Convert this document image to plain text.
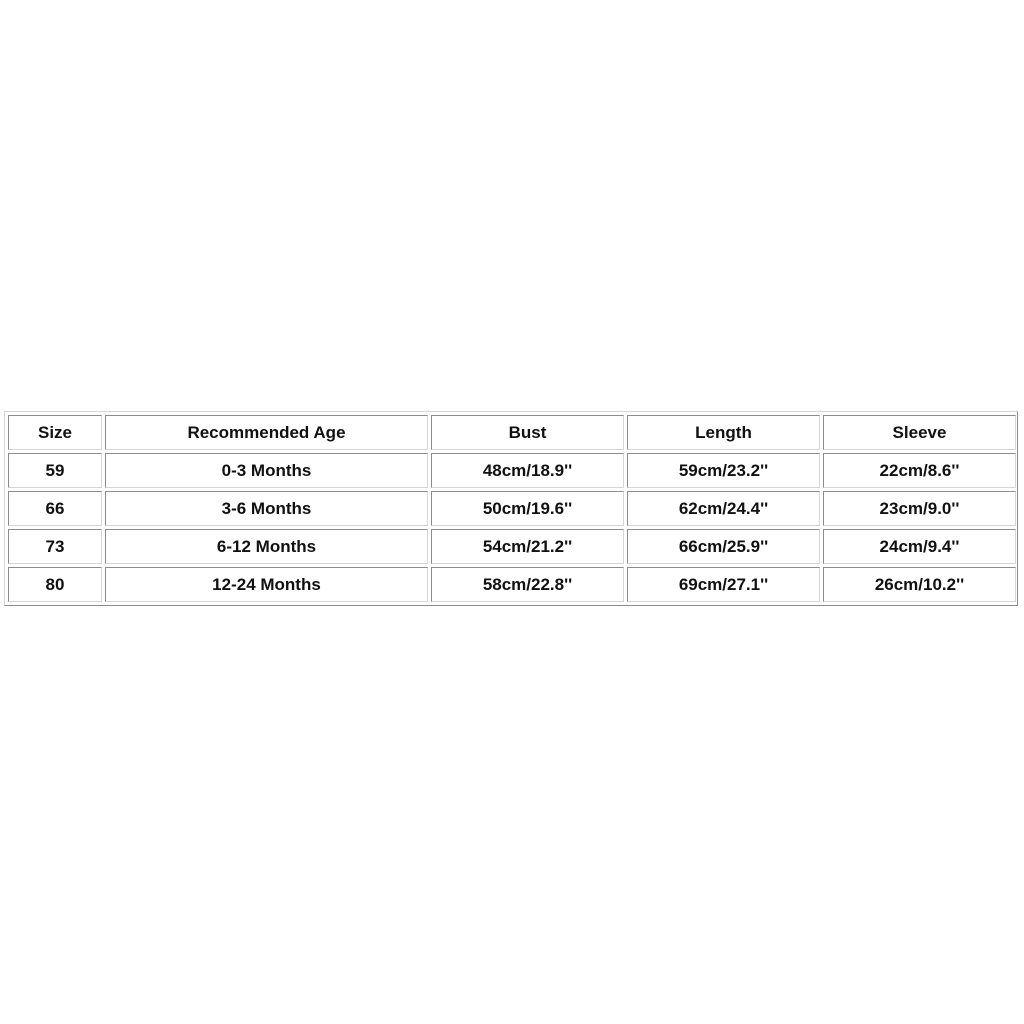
Size	Recommended Age	Bust	Length	Sleeve
59	0-3 Months	48cm/18.9''	59cm/23.2''	22cm/8.6''
66	3-6 Months	50cm/19.6''	62cm/24.4''	23cm/9.0''
73	6-12 Months	54cm/21.2''	66cm/25.9''	24cm/9.4''
80	12-24 Months	58cm/22.8''	69cm/27.1''	26cm/10.2''
